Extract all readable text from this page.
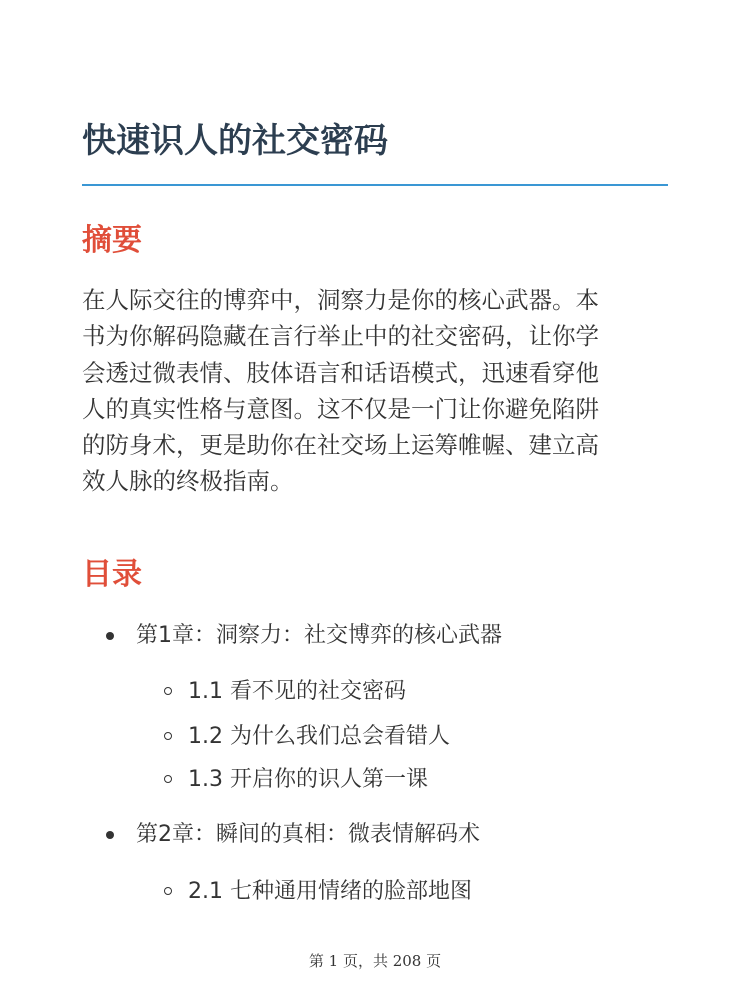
快速识人的社交密码
摘要

在人际交往的博弈中，洞察力是你的核心武器。本
书为你解码隐藏在言行举止中的社交密码，让你学
会透过微表情、肢体语言和话语模式，迅速看穿他
人的真实性格与意图。这不仅是一门让你避免陷阱
的防身术，更是助你在社交场上运筹帷幄、建立高
效人脉的终极指南。

目录
第1章：洞察力：社交博弈的核心武器
1.1 看不见的社交密码
1.2 为什么我们总会看错人
1.3 开启你的识人第一课
第2章：瞬间的真相：微表情解码术
2.1 七种通用情绪的脸部地图
第 1 页，共 208 页
